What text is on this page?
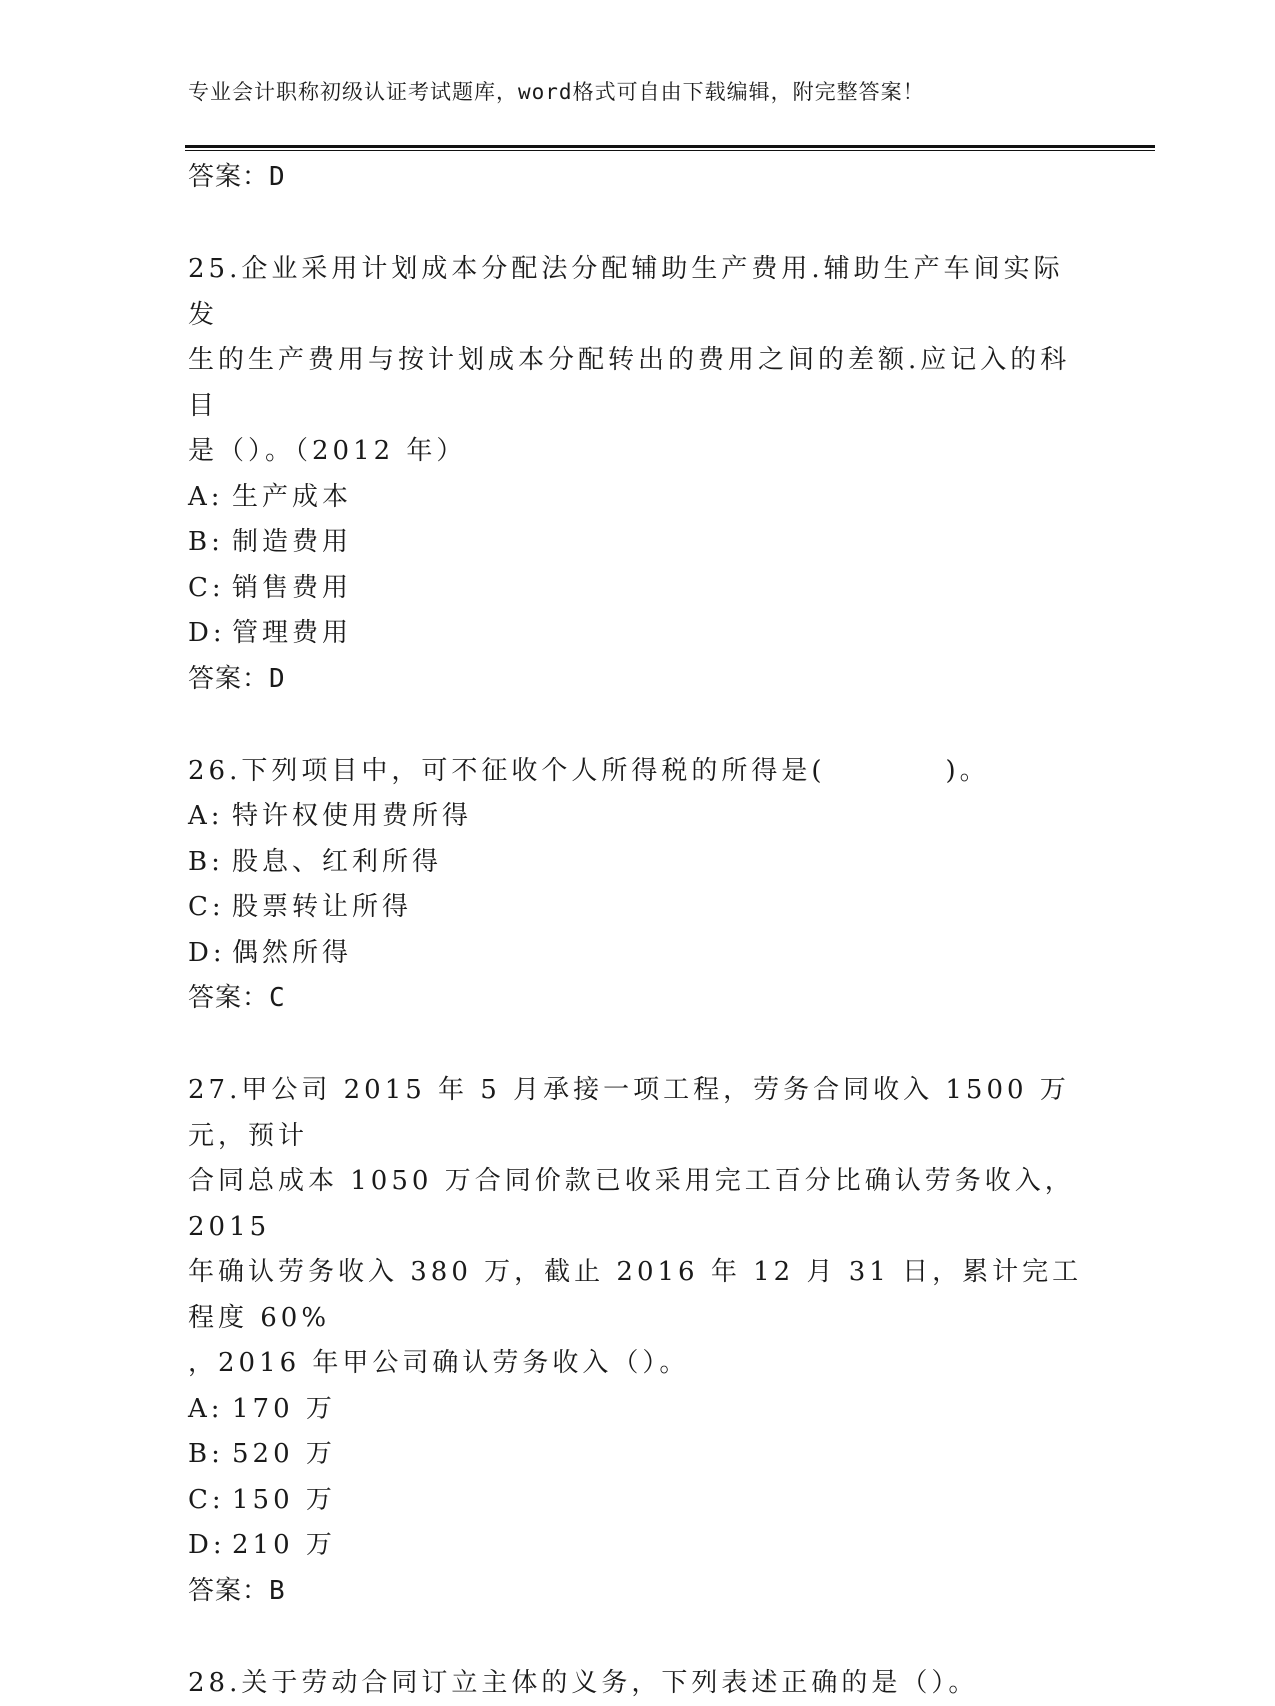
专业会计职称初级认证考试题库，word格式可自由下载编辑，附完整答案！
答案：D
25.企业采用计划成本分配法分配辅助生产费用.辅助生产车间实际发
生的生产费用与按计划成本分配转出的费用之间的差额.应记入的科目
是（）。（2012 年）
A: 生产成本
B: 制造费用
C: 销售费用
D: 管理费用
答案：D
26.下列项目中，可不征收个人所得税的所得是(　　　　)。
A: 特许权使用费所得
B: 股息、红利所得
C: 股票转让所得
D: 偶然所得
答案：C
27.甲公司 2015 年 5 月承接一项工程，劳务合同收入 1500 万元，预计
合同总成本 1050 万合同价款已收采用完工百分比确认劳务收入，2015
年确认劳务收入 380 万，截止 2016 年 12 月 31 日，累计完工程度 60%
，2016 年甲公司确认劳务收入（）。
A: 170 万
B: 520 万
C: 150 万
D: 210 万
答案：B
28.关于劳动合同订立主体的义务，下列表述正确的是（）。
